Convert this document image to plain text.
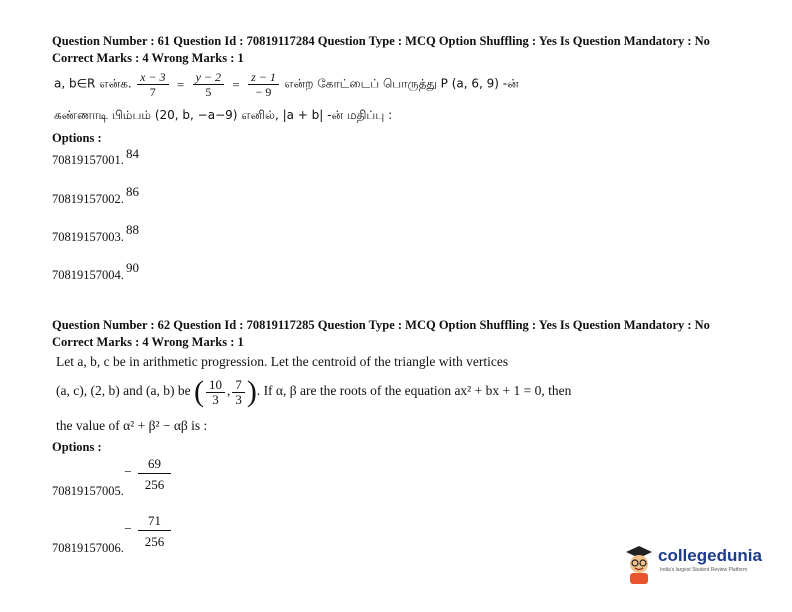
Question Number : 61 Question Id : 70819117284 Question Type : MCQ Option Shuffling : Yes Is Question Mandatory : No
Correct Marks : 4 Wrong Marks : 1
a, b∈R என்க. $\frac{x - 3}{7} = \frac{y - 2}{5} = \frac{z - 1}{- 9}$ என்ற கோட்டைப் பொருத்து P (a, 6, 9) -ன்
கண்ணாடி பிம்பம் (20, b, −a−9) எனில், |a + b| -ன் மதிப்பு :
Options :
70819157001. 84
70819157002. 86
70819157003. 88
70819157004. 90
Question Number : 62 Question Id : 70819117285 Question Type : MCQ Option Shuffling : Yes Is Question Mandatory : No
Correct Marks : 4 Wrong Marks : 1
Let a, b, c be in arithmetic progression. Let the centroid of the triangle with vertices
(a, c), (2, b) and (a, b) be ( $\frac{10}{3}$ , $\frac{7}{3}$ ). If α, β are the roots of the equation ax² + bx + 1 = 0, then
the value of α² + β² − αβ is :
Options :
70819157005.
− $\frac{69}{256}$
70819157006.
− $\frac{71}{256}$
collegedunia
India's largest Student Review Platform
